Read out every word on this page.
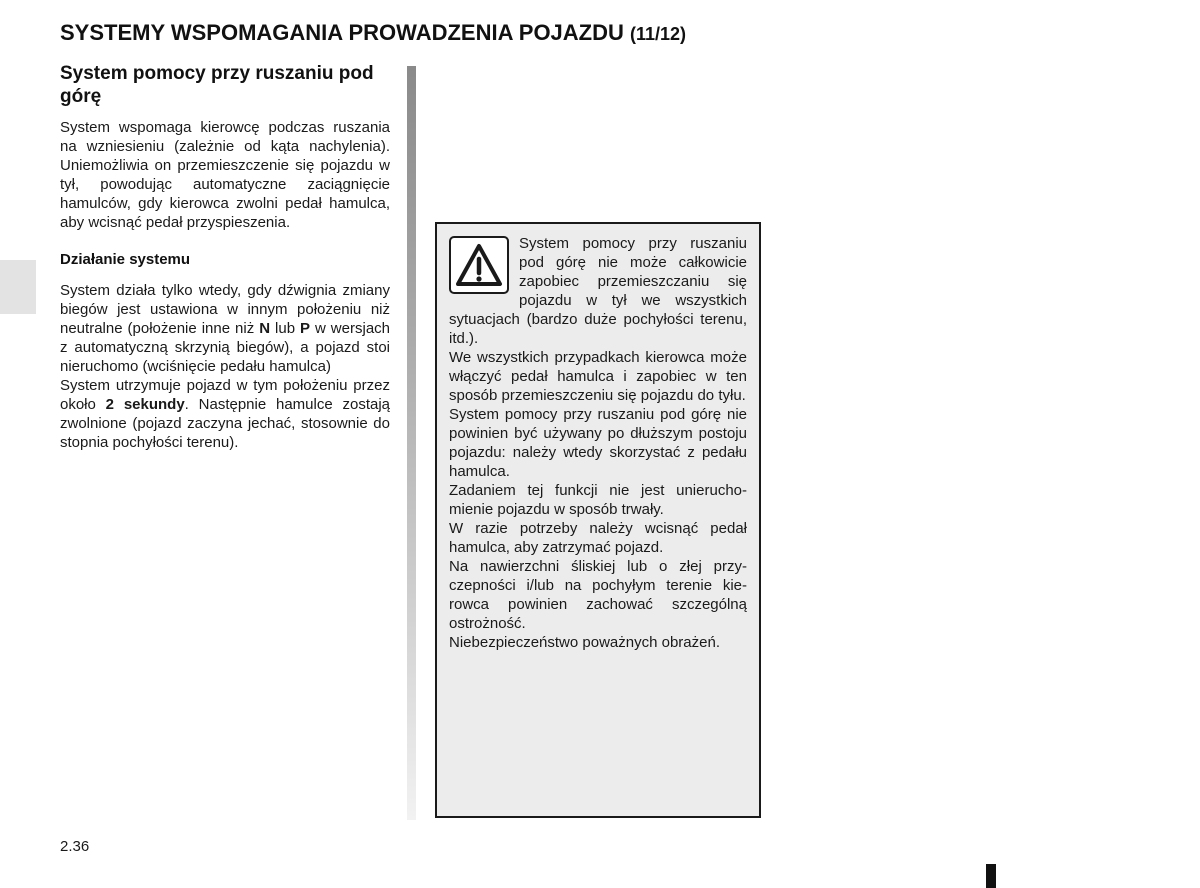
SYSTEMY WSPOMAGANIA PROWADZENIA POJAZDU (11/12)
System pomocy przy ruszaniu pod górę

System wspomaga kierowcę podczas ruszania na wzniesieniu (zależnie od kąta nachylenia). Uniemożliwia on przemieszczenie się pojazdu w tył, powodując automatyczne zaciągnięcie hamulców, gdy kierowca zwolni pedał hamulca, aby wcisnąć pedał przyspieszenia.

Działanie systemu

System działa tylko wtedy, gdy dźwignia zmiany biegów jest ustawiona w innym położeniu niż neutralne (położenie inne niż N lub P w wersjach z automatyczną skrzynią biegów), a pojazd stoi nieruchomo (wciśnięcie pedału hamulca)

System utrzymuje pojazd w tym położeniu przez około 2 sekundy. Następnie hamulce zostają zwolnione (pojazd zaczyna jechać, stosownie do stopnia pochyłości terenu).

System pomocy przy ruszaniu pod górę nie może całkowicie zapobiec przemieszczaniu się pojazdu w tył we wszystkich sytuacjach (bardzo duże pochyłości terenu, itd.).

We wszystkich przypadkach kierowca może włączyć pedał hamulca i zapobiec w ten sposób przemieszczeniu się pojazdu do tyłu.

System pomocy przy ruszaniu pod górę nie powinien być używany po dłuższym postoju pojazdu: należy wtedy skorzystać z pedału hamulca.

Zadaniem tej funkcji nie jest unieruchomienie pojazdu w sposób trwały.

W razie potrzeby należy wcisnąć pedał hamulca, aby zatrzymać pojazd.

Na nawierzchni śliskiej lub o złej przyczepności i/lub na pochyłym terenie kierowca powinien zachować szczególną ostrożność.

Niebezpieczeństwo poważnych obrażeń.

2.36
